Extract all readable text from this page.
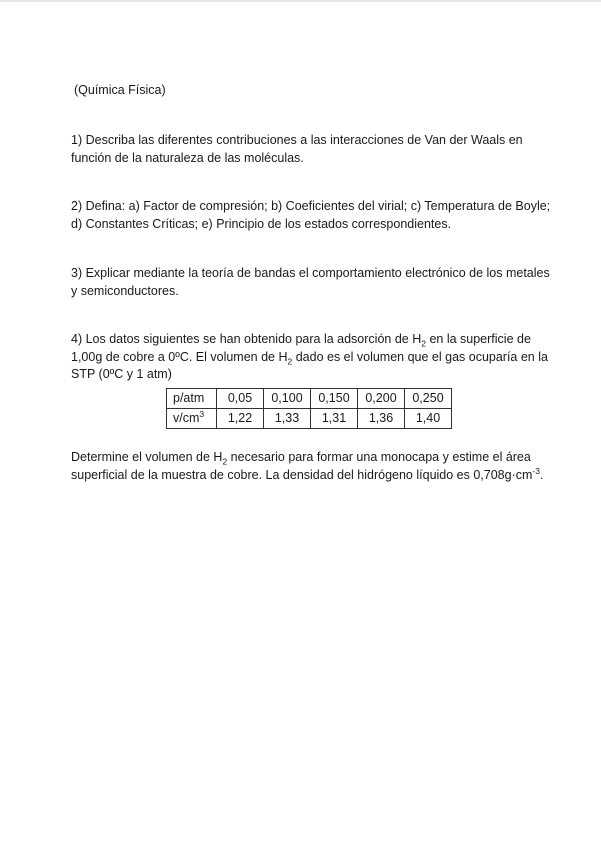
(Química Física)
1) Describa las diferentes contribuciones a las interacciones de Van der Waals en función de la naturaleza de las moléculas.
2) Defina: a) Factor de compresión; b) Coeficientes del virial; c) Temperatura de Boyle; d) Constantes Críticas; e) Principio de los estados correspondientes.
3) Explicar mediante la teoría de bandas el comportamiento electrónico de los metales y semiconductores.
4) Los datos siguientes se han obtenido para la adsorción de $H_2$ en la superficie de 1,00g de cobre a 0ºC. El volumen de $H_2$ dado es el volumen que el gas ocuparía en la STP (0ºC y 1 atm)
p/atm	0,05	0,100	0,150	0,200	0,250
$v/cm^3$	1,22	1,33	1,31	1,36	1,40
Determine el volumen de $H_2$ necesario para formar una monocapa y estime el área superficial de la muestra de cobre. La densidad del hidrógeno líquido es $0,708g\cdot cm^{-3}$.
